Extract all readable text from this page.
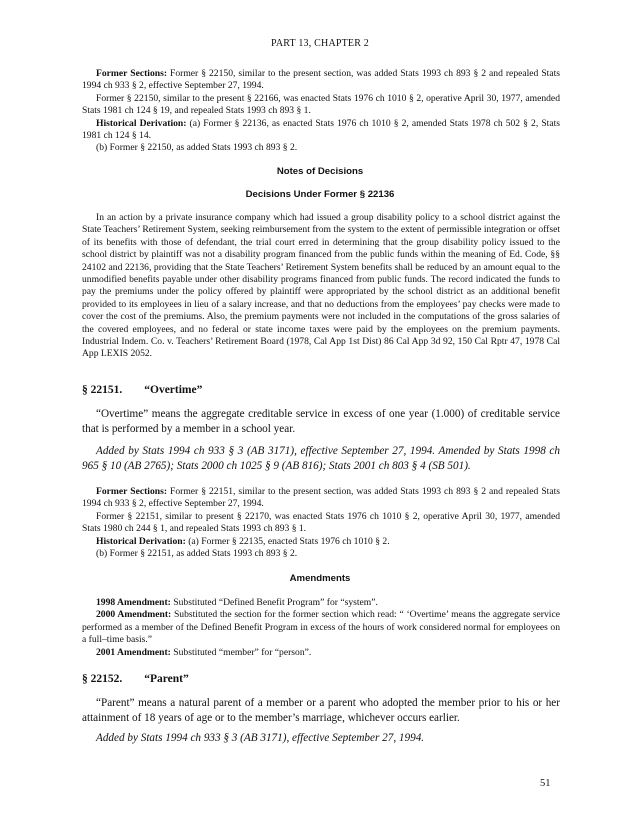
PART 13, CHAPTER 2

Former Sections: Former § 22150, similar to the present section, was added Stats 1993 ch 893 § 2 and repealed Stats 1994 ch 933 § 2, effective September 27, 1994.

Former § 22150, similar to the present § 22166, was enacted Stats 1976 ch 1010 § 2, operative April 30, 1977, amended Stats 1981 ch 124 § 19, and repealed Stats 1993 ch 893 § 1.

Historical Derivation: (a) Former § 22136, as enacted Stats 1976 ch 1010 § 2, amended Stats 1978 ch 502 § 2, Stats 1981 ch 124 § 14.

(b) Former § 22150, as added Stats 1993 ch 893 § 2.

Notes of Decisions

Decisions Under Former § 22136

In an action by a private insurance company which had issued a group disability policy to a school district against the State Teachers’ Retirement System, seeking reimbursement from the system to the extent of permissible integration or offset of its benefits with those of defendant, the trial court erred in determining that the group disability policy issued to the school district by plaintiff was not a disability program financed from the public funds within the meaning of Ed. Code, §§ 24102 and 22136, providing that the State Teachers’ Retirement System benefits shall be reduced by an amount equal to the unmodified benefits payable under other disability programs financed from public funds. The record indicated the funds to pay the premiums under the policy offered by plaintiff were appropriated by the school district as an additional benefit provided to its employees in lieu of a salary increase, and that no deductions from the employees’ pay checks were made to cover the cost of the premiums. Also, the premium payments were not included in the computations of the gross salaries of the covered employees, and no federal or state income taxes were paid by the employees on the premium payments. Industrial Indem. Co. v. Teachers’ Retirement Board (1978, Cal App 1st Dist) 86 Cal App 3d 92, 150 Cal Rptr 47, 1978 Cal App LEXIS 2052.

§ 22151. “Overtime”

“Overtime” means the aggregate creditable service in excess of one year (1.000) of creditable service that is performed by a member in a school year.

Added by Stats 1994 ch 933 § 3 (AB 3171), effective September 27, 1994. Amended by Stats 1998 ch 965 § 10 (AB 2765); Stats 2000 ch 1025 § 9 (AB 816); Stats 2001 ch 803 § 4 (SB 501).

Former Sections: Former § 22151, similar to the present section, was added Stats 1993 ch 893 § 2 and repealed Stats 1994 ch 933 § 2, effective September 27, 1994.

Former § 22151, similar to present § 22170, was enacted Stats 1976 ch 1010 § 2, operative April 30, 1977, amended Stats 1980 ch 244 § 1, and repealed Stats 1993 ch 893 § 1.

Historical Derivation: (a) Former § 22135, enacted Stats 1976 ch 1010 § 2.

(b) Former § 22151, as added Stats 1993 ch 893 § 2.

Amendments

1998 Amendment: Substituted “Defined Benefit Program” for “system”.

2000 Amendment: Substituted the section for the former section which read: “ ‘Overtime’ means the aggregate service performed as a member of the Defined Benefit Program in excess of the hours of work considered normal for employees on a full–time basis.”

2001 Amendment: Substituted “member” for “person”.

§ 22152. “Parent”

“Parent” means a natural parent of a member or a parent who adopted the member prior to his or her attainment of 18 years of age or to the member’s marriage, whichever occurs earlier.

Added by Stats 1994 ch 933 § 3 (AB 3171), effective September 27, 1994.

51
